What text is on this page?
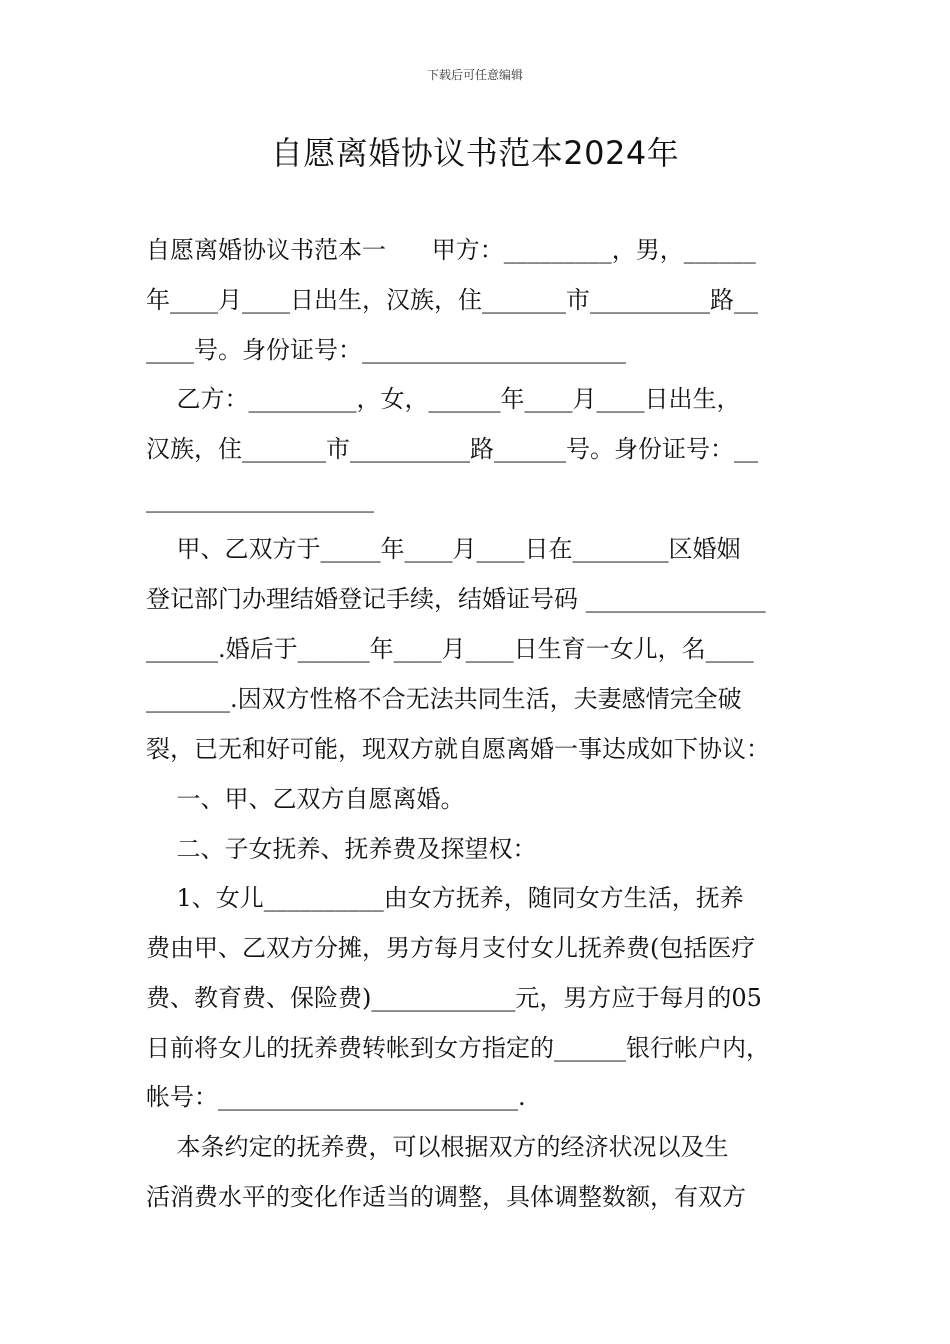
下载后可任意编辑
自愿离婚协议书范本2024年
自愿离婚协议书范本一      甲方：_________，男，______
年____月____日出生，汉族，住_______市__________路__
____号。身份证号：______________________
乙方：_________，女，______年____月____日出生，
汉族，住_______市__________路______号。身份证号：__
___________________
甲、乙双方于_____年____月____日在________区婚姻
登记部门办理结婚登记手续，结婚证号码 _______________
______.婚后于______年____月____日生育一女儿，名____
_______.因双方性格不合无法共同生活，夫妻感情完全破
裂，已无和好可能，现双方就自愿离婚一事达成如下协议：
一、甲、乙双方自愿离婚。
二、子女抚养、抚养费及探望权：
1、女儿__________由女方抚养，随同女方生活，抚养
费由甲、乙双方分摊，男方每月支付女儿抚养费(包括医疗
费、教育费、保险费)____________元，男方应于每月的05
日前将女儿的抚养费转帐到女方指定的______银行帐户内，
帐号：_________________________.
本条约定的抚养费，可以根据双方的经济状况以及生
活消费水平的变化作适当的调整，具体调整数额，有双方
